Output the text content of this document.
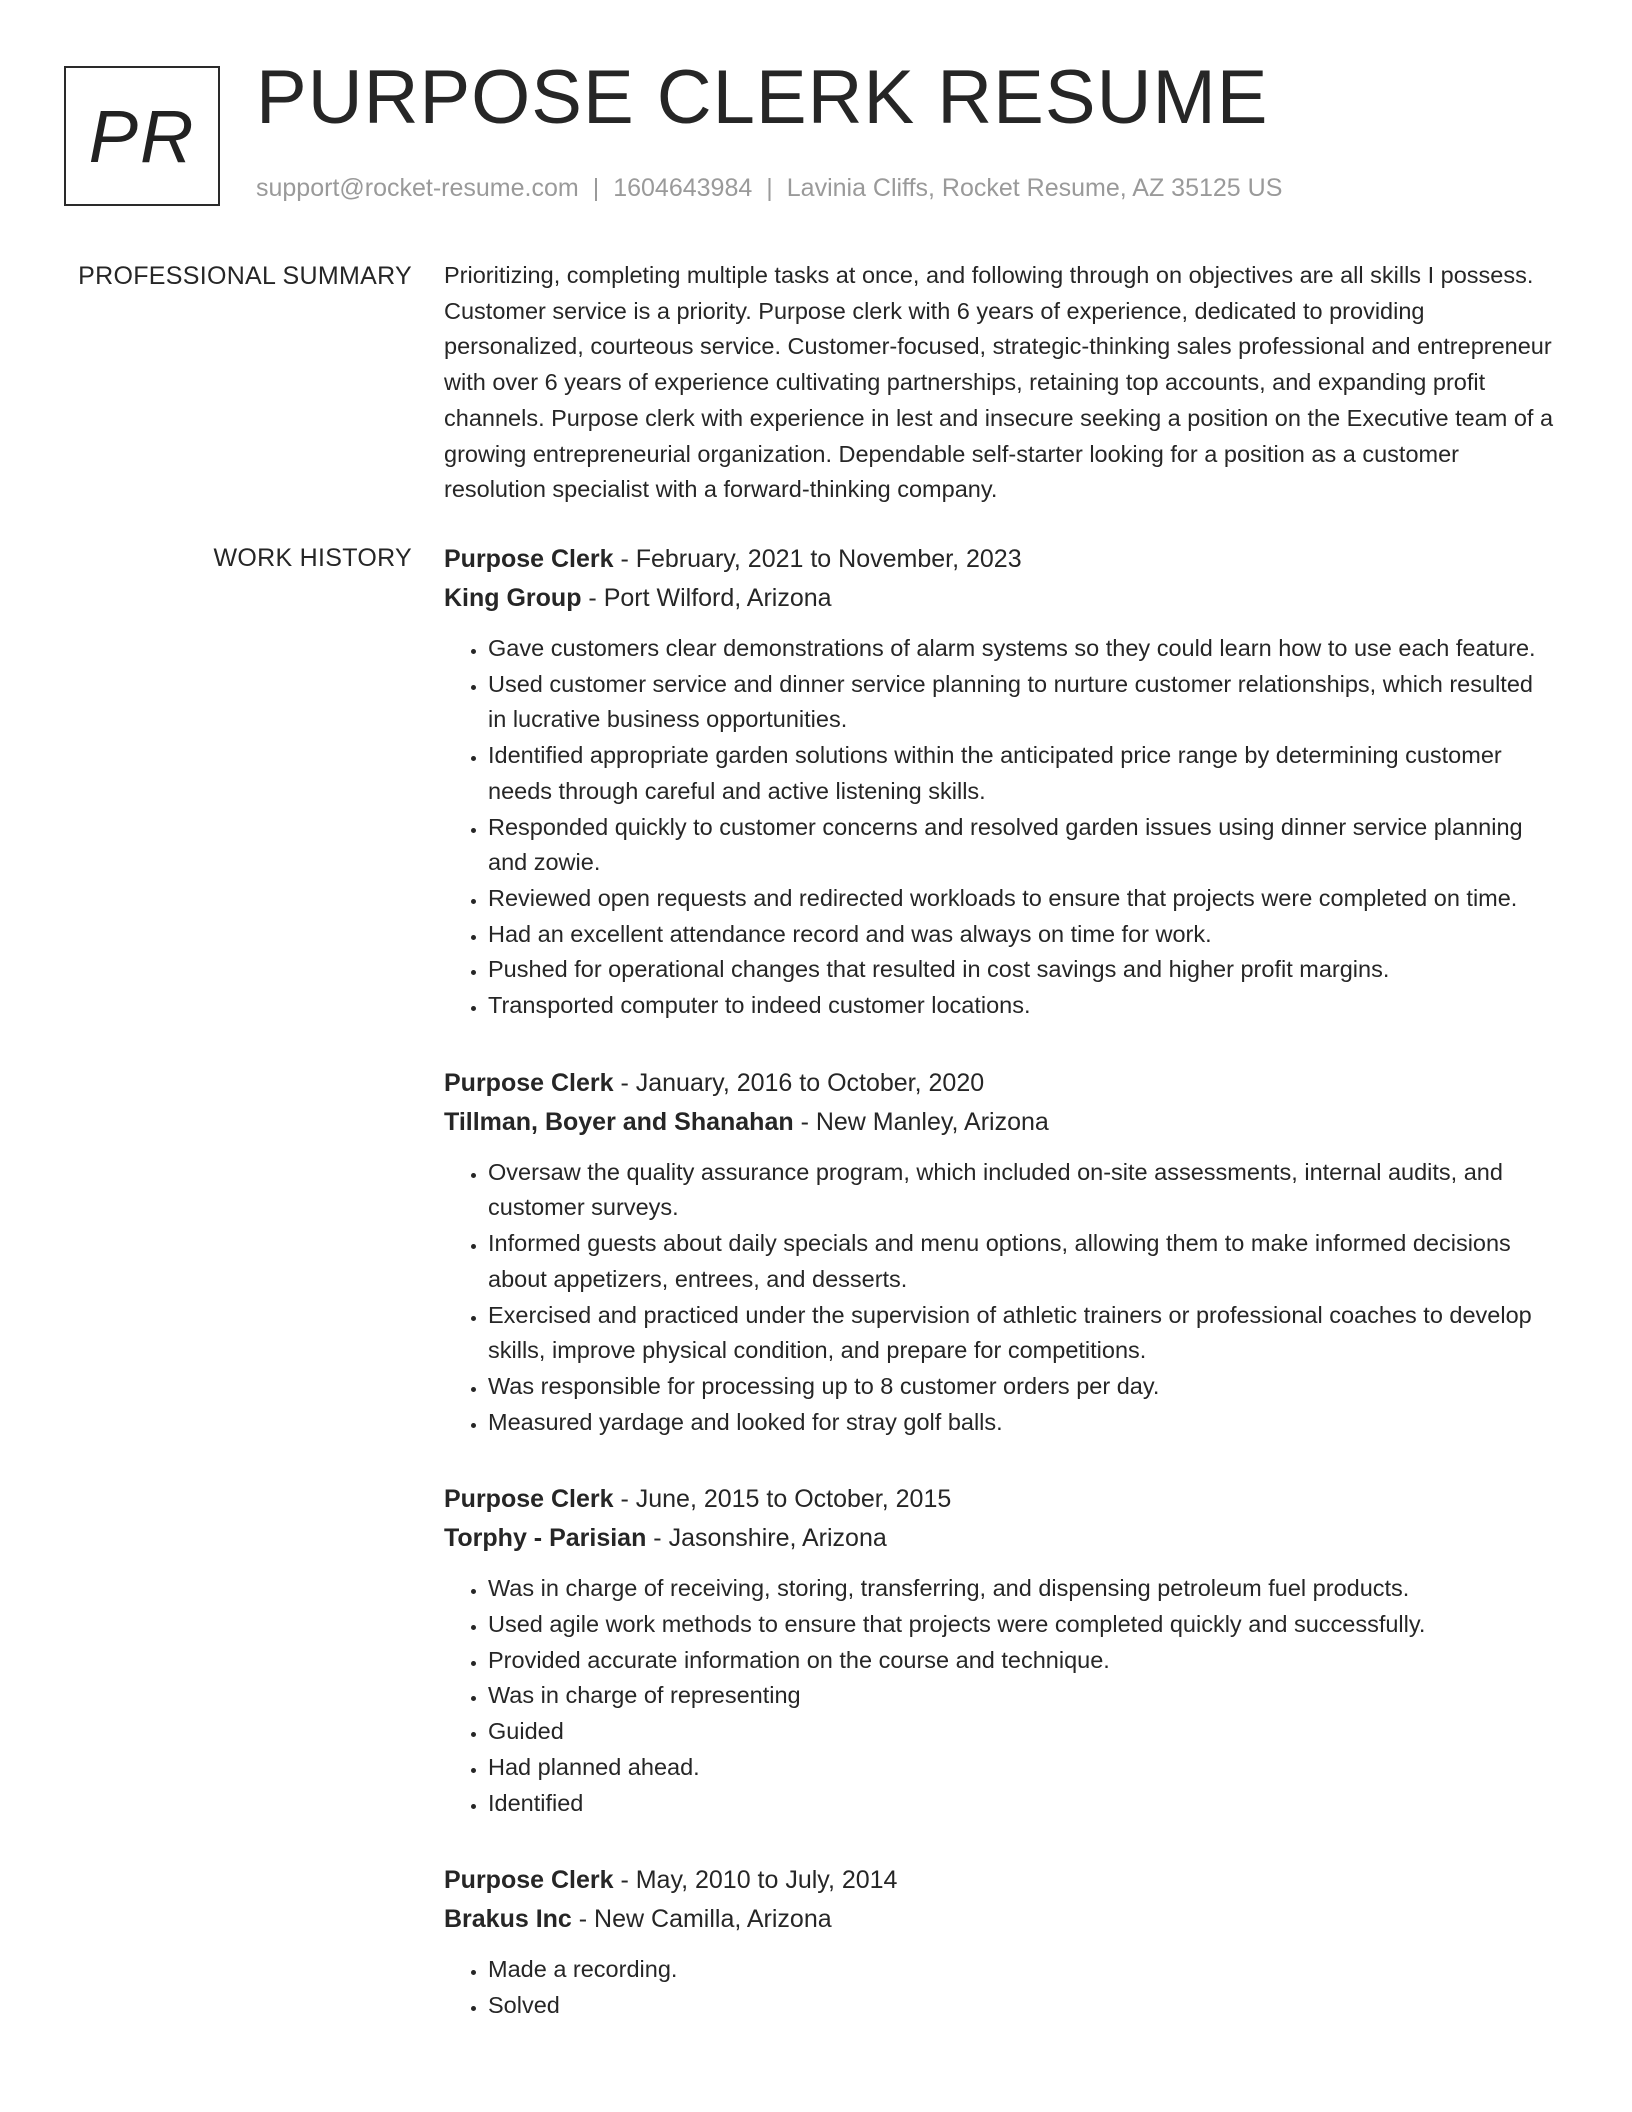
PR PURPOSE CLERK RESUME
support@rocket-resume.com | 1604643984 | Lavinia Cliffs, Rocket Resume, AZ 35125 US
PROFESSIONAL SUMMARY Prioritizing, completing multiple tasks at once, and following through on objectives are all skills I possess. Customer service is a priority. Purpose clerk with 6 years of experience, dedicated to providing personalized, courteous service. Customer-focused, strategic-thinking sales professional and entrepreneur with over 6 years of experience cultivating partnerships, retaining top accounts, and expanding profit channels. Purpose clerk with experience in lest and insecure seeking a position on the Executive team of a growing entrepreneurial organization. Dependable self-starter looking for a position as a customer resolution specialist with a forward-thinking company.

WORK HISTORY Purpose Clerk - February, 2021 to November, 2023

King Group - Port Wilford, Arizona

• Gave customers clear demonstrations of alarm systems so they could learn how to use each feature.
• Used customer service and dinner service planning to nurture customer relationships, which resulted in lucrative business opportunities.
• Identified appropriate garden solutions within the anticipated price range by determining customer needs through careful and active listening skills.
• Responded quickly to customer concerns and resolved garden issues using dinner service planning and zowie.
• Reviewed open requests and redirected workloads to ensure that projects were completed on time.
• Had an excellent attendance record and was always on time for work.
• Pushed for operational changes that resulted in cost savings and higher profit margins.
• Transported computer to indeed customer locations.

Purpose Clerk - January, 2016 to October, 2020

Tillman, Boyer and Shanahan - New Manley, Arizona

• Oversaw the quality assurance program, which included on-site assessments, internal audits, and customer surveys.
• Informed guests about daily specials and menu options, allowing them to make informed decisions about appetizers, entrees, and desserts.
• Exercised and practiced under the supervision of athletic trainers or professional coaches to develop skills, improve physical condition, and prepare for competitions.
• Was responsible for processing up to 8 customer orders per day.
• Measured yardage and looked for stray golf balls.

Purpose Clerk - June, 2015 to October, 2015

Torphy - Parisian - Jasonshire, Arizona

• Was in charge of receiving, storing, transferring, and dispensing petroleum fuel products.
• Used agile work methods to ensure that projects were completed quickly and successfully.
• Provided accurate information on the course and technique.
• Was in charge of representing
• Guided
• Had planned ahead.
• Identified

Purpose Clerk - May, 2010 to July, 2014

Brakus Inc - New Camilla, Arizona

• Made a recording.
• Solved
